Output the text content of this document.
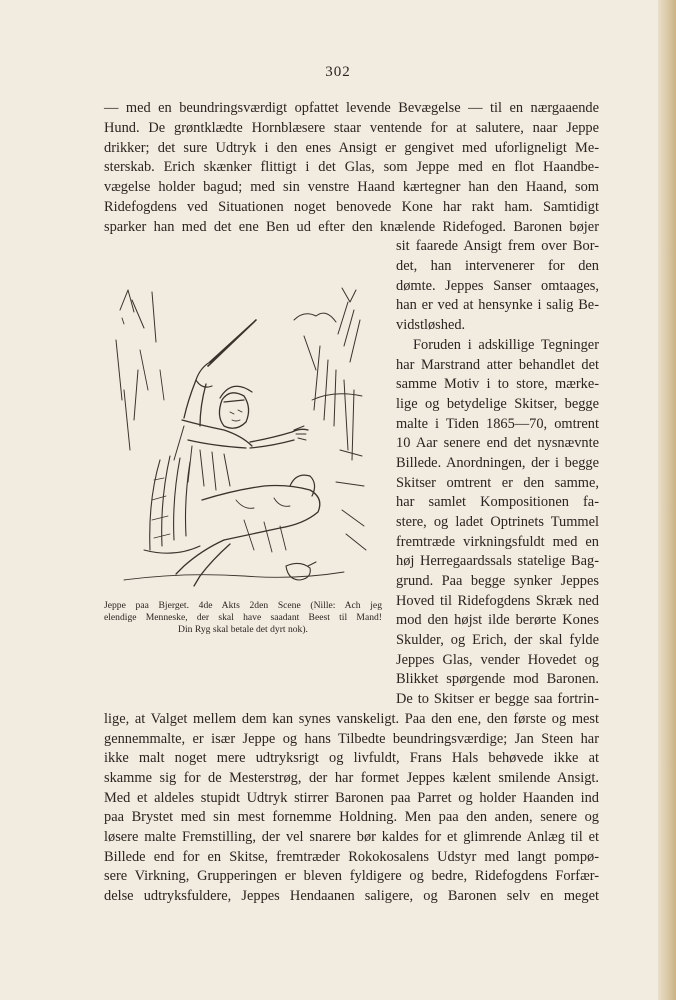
302
— med en beundringsværdigt opfattet levende Bevægelse — til en nærgaaende
Hund. De grøntklædte Hornblæsere staar ventende for at salutere, naar Jeppe
drikker; det sure Udtryk i den enes Ansigt er gengivet med uforligneligt Me-
sterskab. Erich skænker flittigt i det Glas, som Jeppe med en flot Haandbe-
vægelse holder bagud; med sin venstre Haand kærtegner han den Haand, som
Ridefogdens ved Situationen noget benovede Kone har rakt ham. Samtidigt
sparker han med det ene Ben ud efter den knælende Ridefoged. Baronen bøjer
sit faarede Ansigt frem over Bor-
det, han intervenerer for den
dømte. Jeppes Sanser omtaages,
han er ved at hensynke i salig Be-
vidstløshed.
Foruden i adskillige Tegninger
har Marstrand atter behandlet det
samme Motiv i to store, mærke-
lige og betydelige Skitser, begge
malte i Tiden 1865—70, omtrent
10 Aar senere end det nysnævnte
Billede. Anordningen, der i begge
Skitser omtrent er den samme,
har samlet Kompositionen fa-
stere, og ladet Optrinets Tummel
fremtræde virkningsfuldt med en
høj Herregaardssals statelige Bag-
grund. Paa begge synker Jeppes
Hoved til Ridefogdens Skræk ned
mod den højst ilde berørte Kones
Skulder, og Erich, der skal fylde
Jeppes Glas, vender Hovedet og
Blikket spørgende mod Baronen.
De to Skitser er begge saa fortrin-
lige, at Valget mellem dem kan synes vanskeligt. Paa den ene, den første og mest
gennemmalte, er især Jeppe og hans Tilbedte beundringsværdige; Jan Steen har
ikke malt noget mere udtryksrigt og livfuldt, Frans Hals behøvede ikke at
skamme sig for de Mesterstrøg, der har formet Jeppes kælent smilende Ansigt.
Med et aldeles stupidt Udtryk stirrer Baronen paa Parret og holder Haanden ind
paa Brystet med sin mest fornemme Holdning. Men paa den anden, senere og
løsere malte Fremstilling, der vel snarere bør kaldes for et glimrende Anlæg til et
Billede end for en Skitse, fremtræder Rokokosalens Udstyr med langt pompø-
sere Virkning, Grupperingen er bleven fyldigere og bedre, Ridefogdens Forfær-
delse udtryksfuldere, Jeppes Hendaanen saligere, og Baronen selv en meget
Jeppe paa Bjerget. 4de Akts 2den Scene (Nille: Ach jeg
elendige Menneske, der skal have saadant Beest til Mand!
Din Ryg skal betale det dyrt nok).
